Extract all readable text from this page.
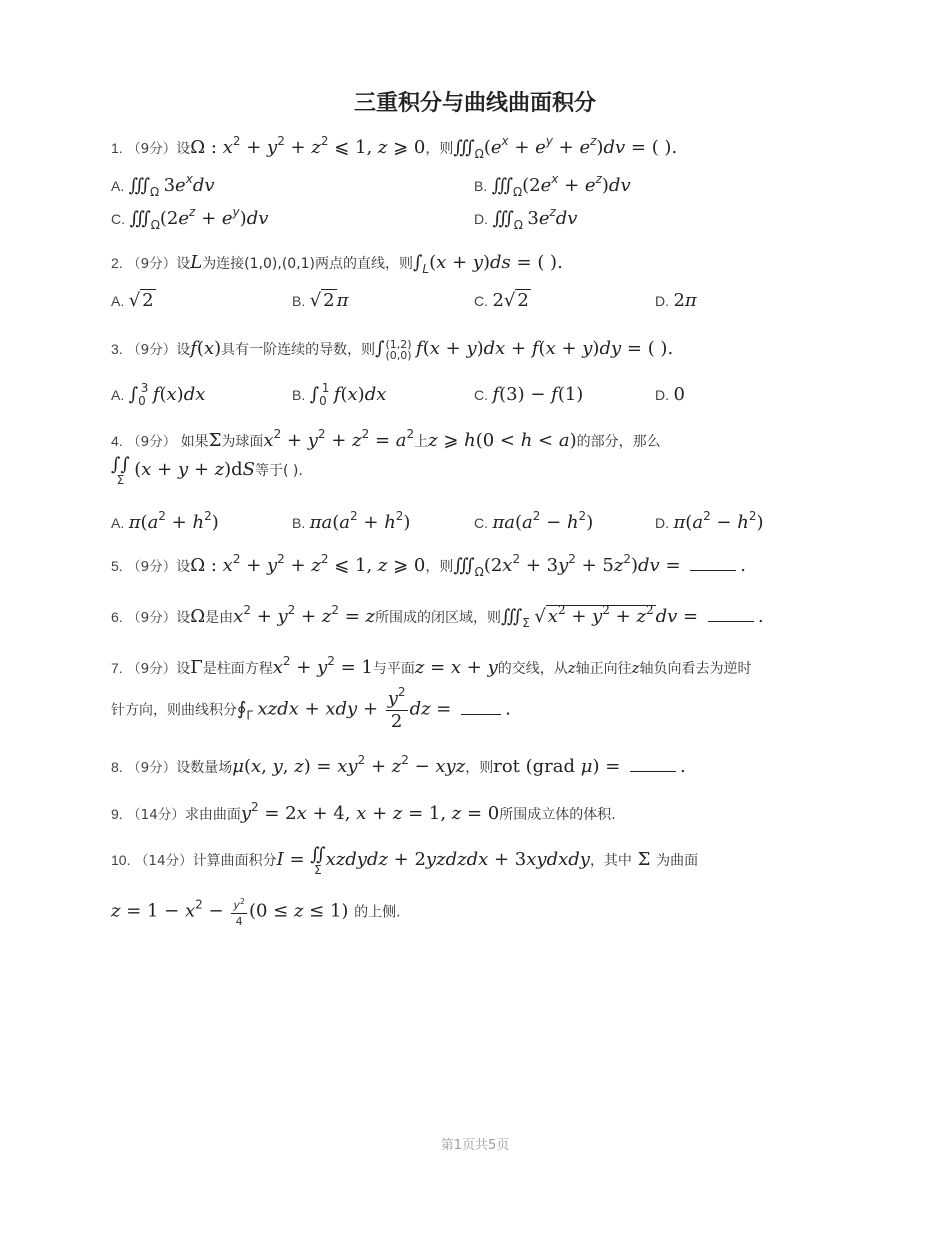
三重积分与曲线曲面积分
1. （9分）设Ω : $x^2 + y^2 + z^2$ ⩽ 1, z ⩾ 0，则$∭_\Omega(e^x + e^y + e^z)dv$ = ( ).
A. $∭_\Omega$ $3e^xdv$	B. $∭_\Omega(2e^x + e^z)dv$
C. $∭_\Omega(2e^z + e^y)dv$	D. $∭_\Omega$ $3e^zdv$
2. （9分）设L为连接(1,0),(0,1)两点的直线，则$\int_L(x + y)ds$ = ( ).
A. √ 2	B. √ 2 π	C. 2√ 2	D. 2π
3. （9分）设f(x)具有一阶连续的导数，则∫ (1,2)
(0,0) f(x + y)dx + f(x + y)dy = ( ).
A. $\int_0^3$ f(x)dx	B. $\int_0^1$ f(x)dx	C. f(3) − f(1)	D. 0
4. （9分） 如果Σ为球面$x^2 + y^2 + z^2 = a^2$上z ⩾ h(0 < h < a)的部分，那么
∫∫
Σ (x + y + z)dS等于( ).
A. $\pi(a^2 + h^2)$	B. $\pi a(a^2 + h^2)$	C. $\pi a(a^2 - h^2)$	D. $\pi(a^2 - h^2)$
5. （9分）设Ω : $x^2 + y^2 + z^2$ ⩽ 1, z ⩾ 0，则$∭_\Omega(2x^2 + 3y^2 + 5z^2)dv$ =	.
6. （9分）设Ω是由$x^2 + y^2 + z^2 = z$所围成的闭区域，则$∭_\Sigma$ √ $x^2 + y^2 + z^2$ dv =	.
7. （9分）设Γ是柱面方程$x^2 + y^2 = 1$与平面z = x + y的交线，从z轴正向往z轴负向看去为逆时
针方向，则曲线积分$∮_\Gamma$ xzdx + xdy + $\frac{y^2}{2}$ dz =	.
8. （9分）设数量场μ(x, y, $z) = xy^2 + z^2$ − xyz，则rot (grad μ) =	.
9. （14分）求由曲面$y^2 = 2x + 4$, x + z = 1, z = 0所围成立体的体积.
10. （14分）计算曲面积分I = ∬
Σ xzdydz + 2yzdzdx + 3xydxdy，其中 Σ 为曲面
$z = 1 - x^2 - \frac{y^2}{4} (0 \le z \le 1)$ 的上侧.
第1页共5页
